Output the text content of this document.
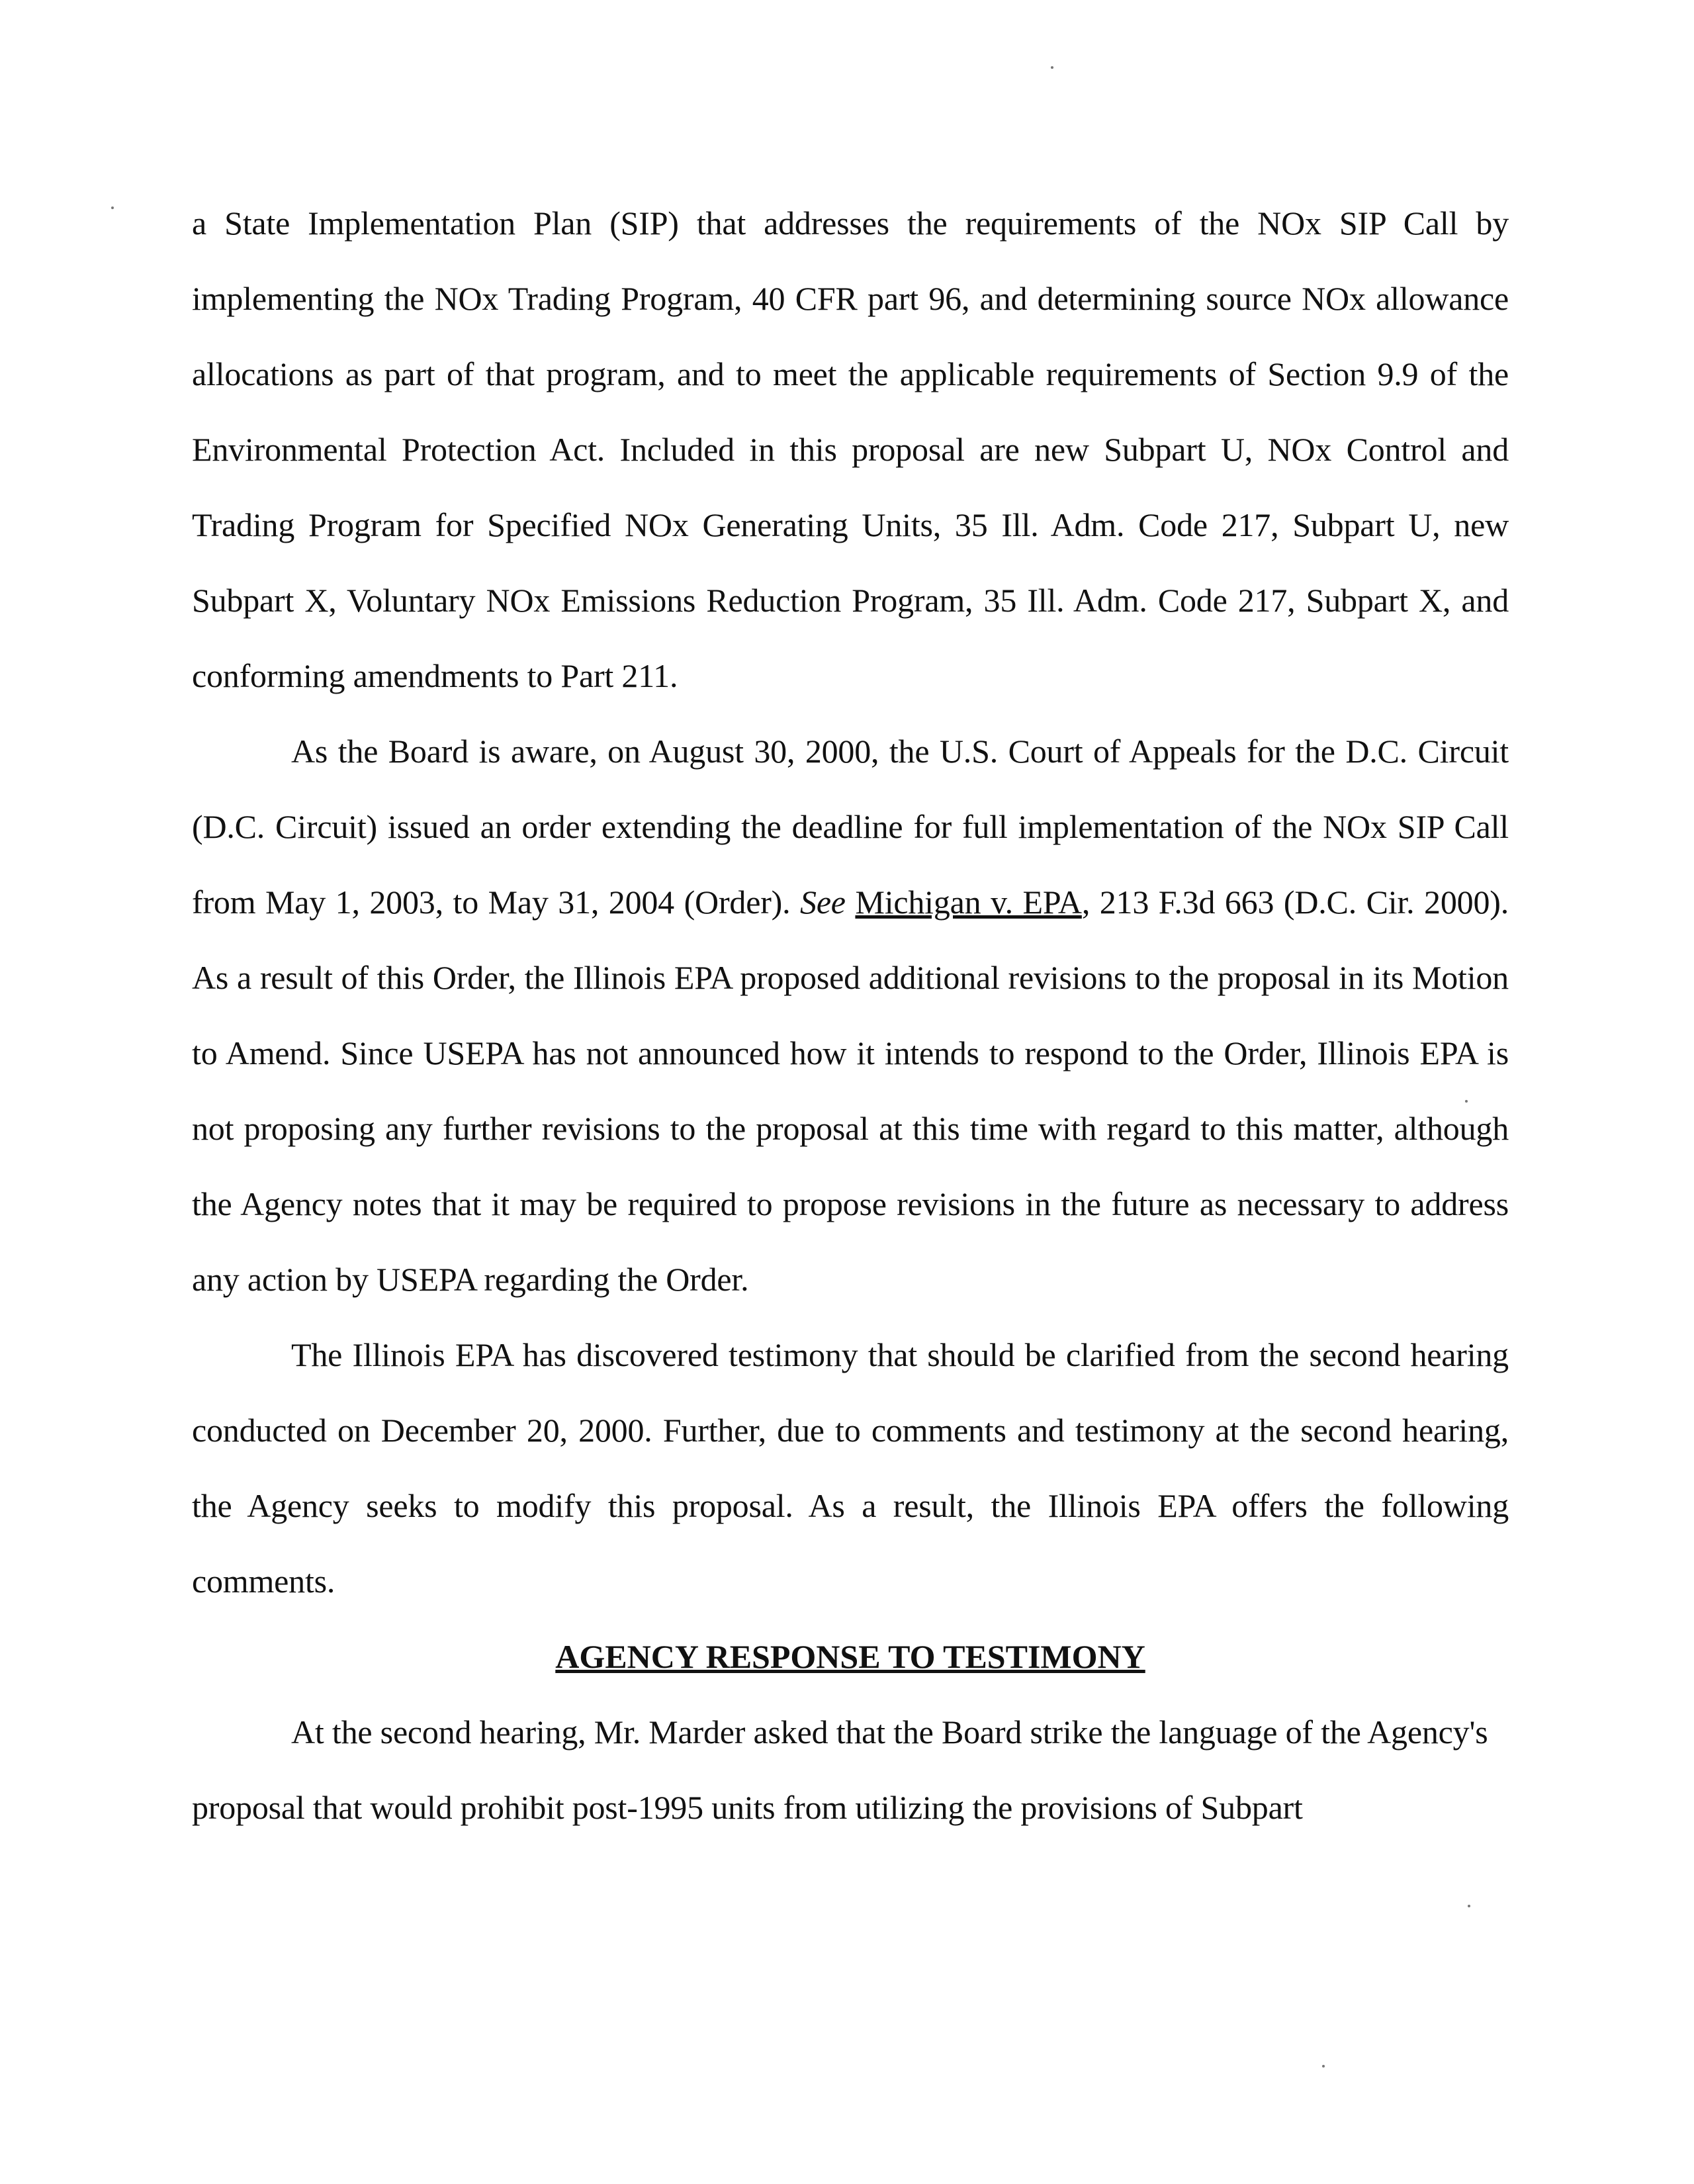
a State Implementation Plan (SIP) that addresses the requirements of the NOx SIP Call by implementing the NOx Trading Program, 40 CFR part 96, and determining source NOx allowance allocations as part of that program, and to meet the applicable requirements of Section 9.9 of the Environmental Protection Act. Included in this proposal are new Subpart U, NOx Control and Trading Program for Specified NOx Generating Units, 35 Ill. Adm. Code 217, Subpart U, new Subpart X, Voluntary NOx Emissions Reduction Program, 35 Ill. Adm. Code 217, Subpart X, and conforming amendments to Part 211.

As the Board is aware, on August 30, 2000, the U.S. Court of Appeals for the D.C. Circuit (D.C. Circuit) issued an order extending the deadline for full implementation of the NOx SIP Call from May 1, 2003, to May 31, 2004 (Order). See Michigan v. EPA, 213 F.3d 663 (D.C. Cir. 2000). As a result of this Order, the Illinois EPA proposed additional revisions to the proposal in its Motion to Amend. Since USEPA has not announced how it intends to respond to the Order, Illinois EPA is not proposing any further revisions to the proposal at this time with regard to this matter, although the Agency notes that it may be required to propose revisions in the future as necessary to address any action by USEPA regarding the Order.

The Illinois EPA has discovered testimony that should be clarified from the second hearing conducted on December 20, 2000. Further, due to comments and testimony at the second hearing, the Agency seeks to modify this proposal. As a result, the Illinois EPA offers the following comments.

AGENCY RESPONSE TO TESTIMONY

At the second hearing, Mr. Marder asked that the Board strike the language of the Agency's proposal that would prohibit post-1995 units from utilizing the provisions of Subpart
